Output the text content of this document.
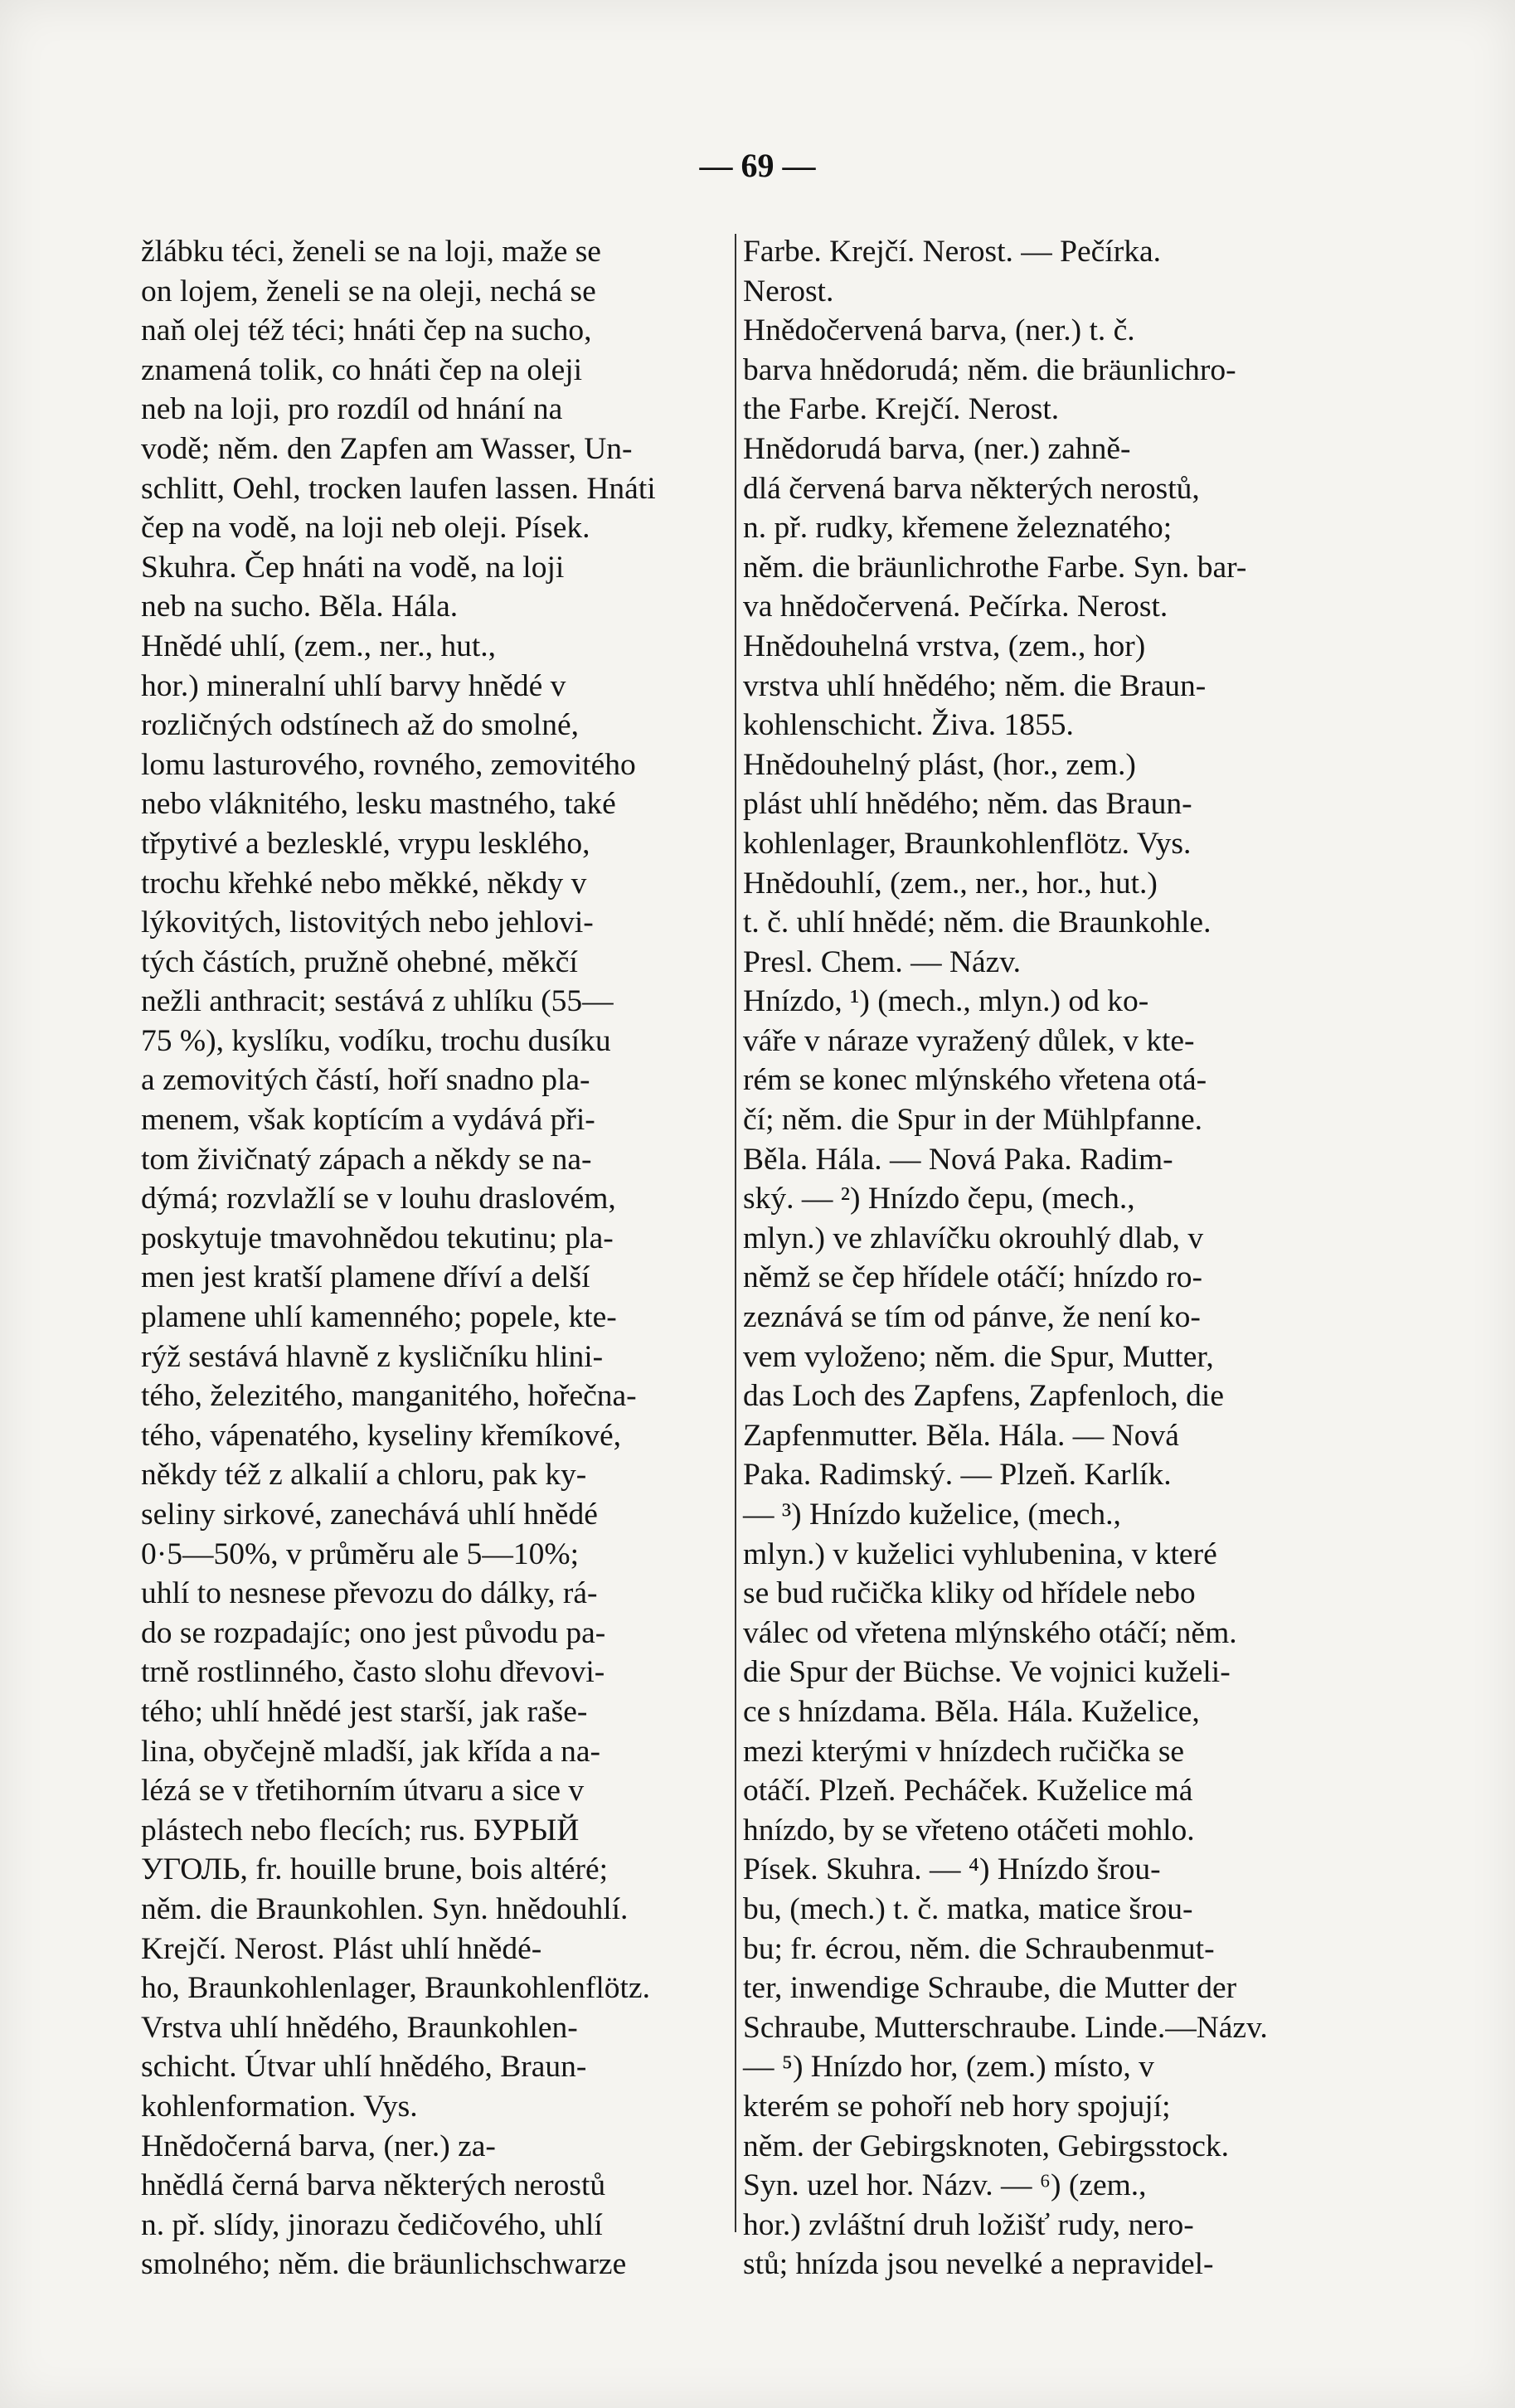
— 69 —
žlábku téci, ženeli se na loji, maže se
on lojem, ženeli se na oleji, nechá se
naň olej též téci; hnáti čep na sucho,
znamená tolik, co hnáti čep na oleji
neb na loji, pro rozdíl od hnání na
vodě; něm. den Zapfen am Wasser, Un-
schlitt, Oehl, trocken laufen lassen. Hnáti
čep na vodě, na loji neb oleji. Písek.
Skuhra. Čep hnáti na vodě, na loji
neb na sucho. Běla. Hála.
Hnědé uhlí, (zem., ner., hut.,
hor.) mineralní uhlí barvy hnědé v
rozličných odstínech až do smolné,
lomu lasturového, rovného, zemovitého
nebo vláknitého, lesku mastného, také
třpytivé a bezlesklé, vrypu lesklého,
trochu křehké nebo měkké, někdy v
lýkovitých, listovitých nebo jehlovi-
tých částích, pružně ohebné, měkčí
nežli anthracit; sestává z uhlíku (55—
75 %), kyslíku, vodíku, trochu dusíku
a zemovitých částí, hoří snadno pla-
menem, však koptícím a vydává při-
tom živičnatý zápach a někdy se na-
dýmá; rozvlažlí se v louhu draslovém,
poskytuje tmavohnědou tekutinu; pla-
men jest kratší plamene dříví a delší
plamene uhlí kamenného; popele, kte-
rýž sestává hlavně z kysličníku hlini-
tého, železitého, manganitého, hořečna-
tého, vápenatého, kyseliny křemíkové,
někdy též z alkalií a chloru, pak ky-
seliny sirkové, zanechává uhlí hnědé
0·5—50%, v průměru ale 5—10%;
uhlí to nesnese převozu do dálky, rá-
do se rozpadajíc; ono jest původu pa-
trně rostlinného, často slohu dřevovi-
tého; uhlí hnědé jest starší, jak raše-
lina, obyčejně mladší, jak křída a na-
lézá se v třetihorním útvaru a sice v
plástech nebo flecích; rus. БУРЫЙ
УГОЛЬ, fr. houille brune, bois altéré;
něm. die Braunkohlen. Syn. hnědouhlí.
Krejčí. Nerost. Plást uhlí hnědé-
ho, Braunkohlenlager, Braunkohlenflötz.
Vrstva uhlí hnědého, Braunkohlen-
schicht. Útvar uhlí hnědého, Braun-
kohlenformation. Vys.
Hnědočerná barva, (ner.) za-
hnědlá černá barva některých nerostů
n. př. slídy, jinorazu čedičového, uhlí
smolného; něm. die bräunlichschwarze
Farbe. Krejčí. Nerost. — Pečírka.
Nerost.
Hnědočervená barva, (ner.) t. č.
barva hnědorudá; něm. die bräunlichro-
the Farbe. Krejčí. Nerost.
Hnědorudá barva, (ner.) zahně-
dlá červená barva některých nerostů,
n. př. rudky, křemene železnatého;
něm. die bräunlichrothe Farbe. Syn. bar-
va hnědočervená. Pečírka. Nerost.
Hnědouhelná vrstva, (zem., hor)
vrstva uhlí hnědého; něm. die Braun-
kohlenschicht. Živa. 1855.
Hnědouhelný plást, (hor., zem.)
plást uhlí hnědého; něm. das Braun-
kohlenlager, Braunkohlenflötz. Vys.
Hnědouhlí, (zem., ner., hor., hut.)
t. č. uhlí hnědé; něm. die Braunkohle.
Presl. Chem. — Názv.
Hnízdo, ¹) (mech., mlyn.) od ko-
váře v náraze vyražený důlek, v kte-
rém se konec mlýnského vřetena otá-
čí; něm. die Spur in der Mühlpfanne.
Běla. Hála. — Nová Paka. Radim-
ský. — ²) Hnízdo čepu, (mech.,
mlyn.) ve zhlavíčku okrouhlý dlab, v
němž se čep hřídele otáčí; hnízdo ro-
zeznává se tím od pánve, že není ko-
vem vyloženo; něm. die Spur, Mutter,
das Loch des Zapfens, Zapfenloch, die
Zapfenmutter. Běla. Hála. — Nová
Paka. Radimský. — Plzeň. Karlík.
— ³) Hnízdo kuželice, (mech.,
mlyn.) v kuželici vyhlubenina, v které
se bud ručička kliky od hřídele nebo
válec od vřetena mlýnského otáčí; něm.
die Spur der Büchse. Ve vojnici kuželi-
ce s hnízdama. Běla. Hála. Kuželice,
mezi kterými v hnízdech ručička se
otáčí. Plzeň. Pecháček. Kuželice má
hnízdo, by se vřeteno otáčeti mohlo.
Písek. Skuhra. — ⁴) Hnízdo šrou-
bu, (mech.) t. č. matka, matice šrou-
bu; fr. écrou, něm. die Schraubenmut-
ter, inwendige Schraube, die Mutter der
Schraube, Mutterschraube. Linde.—Názv.
— ⁵) Hnízdo hor, (zem.) místo, v
kterém se pohoří neb hory spojují;
něm. der Gebirgsknoten, Gebirgsstock.
Syn. uzel hor. Názv. — ⁶) (zem.,
hor.) zvláštní druh ložišť rudy, nero-
stů; hnízda jsou nevelké a nepravidel-
